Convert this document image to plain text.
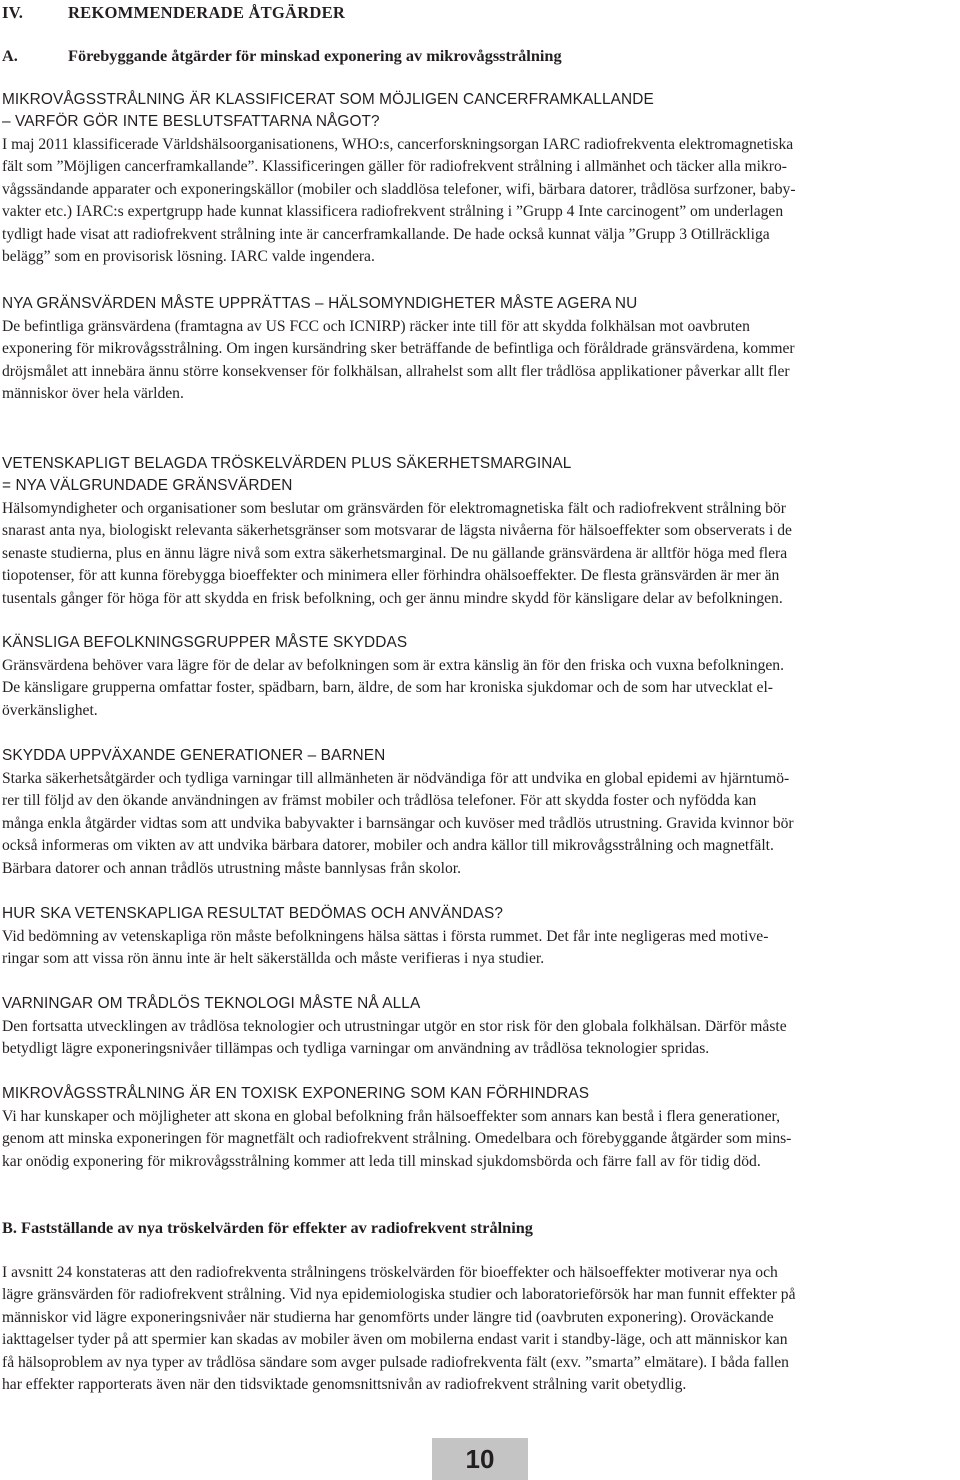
IV.	REKOMMENDERADE ÅTGÄRDER
A.	Förebyggande åtgärder för minskad exponering av mikrovågsstrålning
MIKROVÅGSSTRÅLNING ÄR KLASSIFICERAT SOM MÖJLIGEN CANCERFRAMKALLANDE
– VARFÖR GÖR INTE BESLUTSFATTARNA NÅGOT?
I maj 2011 klassificerade Världshälsoorganisationens, WHO:s, cancerforskningsorgan IARC radiofrekventa elektromagnetiska
fält som ”Möjligen cancerframkallande”. Klassificeringen gäller för radiofrekvent strålning i allmänhet och täcker alla mikro-
vågssändande apparater och exponeringskällor (mobiler och sladdlösa telefoner, wifi, bärbara datorer, trådlösa surfzoner, baby-
vakter etc.) IARC:s expertgrupp hade kunnat klassificera radiofrekvent strålning i ”Grupp 4 Inte carcinogent” om underlagen
tydligt hade visat att radiofrekvent strålning inte är cancerframkallande. De hade också kunnat välja ”Grupp 3 Otillräckliga
belägg” som en provisorisk lösning. IARC valde ingendera.
NYA GRÄNSVÄRDEN MÅSTE UPPRÄTTAS – HÄLSOMYNDIGHETER MÅSTE AGERA NU
De befintliga gränsvärdena (framtagna av US FCC och ICNIRP) räcker inte till för att skydda folkhälsan mot oavbruten
exponering för mikrovågsstrålning. Om ingen kursändring sker beträffande de befintliga och föråldrade gränsvärdena, kommer
dröjsmålet att innebära ännu större konsekvenser för folkhälsan, allrahelst som allt fler trådlösa applikationer påverkar allt fler
människor över hela världen.
VETENSKAPLIGT BELAGDA TRÖSKELVÄRDEN PLUS SÄKERHETSMARGINAL
= NYA VÄLGRUNDADE GRÄNSVÄRDEN
Hälsomyndigheter och organisationer som beslutar om gränsvärden för elektromagnetiska fält och radiofrekvent strålning bör
snarast anta nya, biologiskt relevanta säkerhetsgränser som motsvarar de lägsta nivåerna för hälsoeffekter som observerats i de
senaste studierna, plus en ännu lägre nivå som extra säkerhetsmarginal. De nu gällande gränsvärdena är alltför höga med flera
tiopotenser, för att kunna förebygga bioeffekter och minimera eller förhindra ohälsoeffekter. De flesta gränsvärden är mer än
tusentals gånger för höga för att skydda en frisk befolkning, och ger ännu mindre skydd för känsligare delar av befolkningen.
KÄNSLIGA BEFOLKNINGSGRUPPER MÅSTE SKYDDAS
Gränsvärdena behöver vara lägre för de delar av befolkningen som är extra känslig än för den friska och vuxna befolkningen.
De känsligare grupperna omfattar foster, spädbarn, barn, äldre, de som har kroniska sjukdomar och de som har utvecklat el-
överkänslighet.
SKYDDA UPPVÄXANDE GENERATIONER – BARNEN
Starka säkerhetsåtgärder och tydliga varningar till allmänheten är nödvändiga för att undvika en global epidemi av hjärntumö-
rer till följd av den ökande användningen av främst mobiler och trådlösa telefoner. För att skydda foster och nyfödda kan
många enkla åtgärder vidtas som att undvika babyvakter i barnsängar och kuvöser med trådlös utrustning. Gravida kvinnor bör
också informeras om vikten av att undvika bärbara datorer, mobiler och andra källor till mikrovågsstrålning och magnetfält.
Bärbara datorer och annan trådlös utrustning måste bannlysas från skolor.
HUR SKA VETENSKAPLIGA RESULTAT BEDÖMAS OCH ANVÄNDAS?
Vid bedömning av vetenskapliga rön måste befolkningens hälsa sättas i första rummet. Det får inte negligeras med motive-
ringar som att vissa rön ännu inte är helt säkerställda och måste verifieras i nya studier.
VARNINGAR OM TRÅDLÖS TEKNOLOGI MÅSTE NÅ ALLA
Den fortsatta utvecklingen av trådlösa teknologier och utrustningar utgör en stor risk för den globala folkhälsan. Därför måste
betydligt lägre exponeringsnivåer tillämpas och tydliga varningar om användning av trådlösa teknologier spridas.
MIKROVÅGSSTRÅLNING ÄR EN TOXISK EXPONERING SOM KAN FÖRHINDRAS
Vi har kunskaper och möjligheter att skona en global befolkning från hälsoeffekter som annars kan bestå i flera generationer,
genom att minska exponeringen för magnetfält och radiofrekvent strålning. Omedelbara och förebyggande åtgärder som mins-
kar onödig exponering för mikrovågsstrålning kommer att leda till minskad sjukdomsbörda och färre fall av för tidig död.
B. Fastställande av nya tröskelvärden för effekter av radiofrekvent strålning
I avsnitt 24 konstateras att den radiofrekventa strålningens tröskelvärden för bioeffekter och hälsoeffekter motiverar nya och
lägre gränsvärden för radiofrekvent strålning. Vid nya epidemiologiska studier och laboratorieförsök har man funnit effekter på
människor vid lägre exponeringsnivåer när studierna har genomförts under längre tid (oavbruten exponering). Oroväckande
iakttagelser tyder på att spermier kan skadas av mobiler även om mobilerna endast varit i standby-läge, och att människor kan
få hälsoproblem av nya typer av trådlösa sändare som avger pulsade radiofrekventa fält (exv. ”smarta” elmätare). I båda fallen
har effekter rapporterats även när den tidsviktade genomsnittsnivån av radiofrekvent strålning varit obetydlig.
10
